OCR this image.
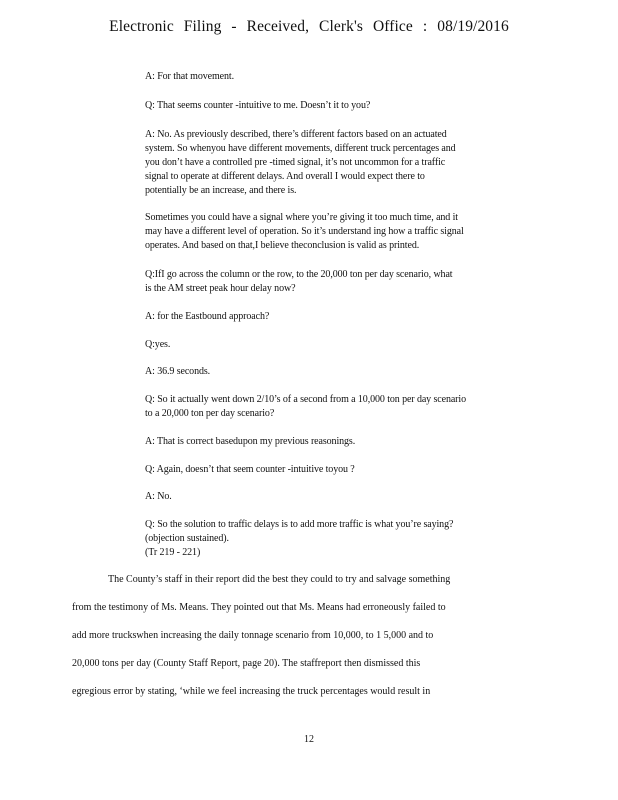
Electronic Filing - Received, Clerk's Office : 08/19/2016
A: For that movement.
Q: That seems counter -intuitive to me. Doesn’t it to you?
A: No. As previously described, there’s different factors based on an actuated
system. So whenyou have different movements, different truck percentages and
you don’t have a controlled pre -timed signal, it’s not uncommon for a traffic
signal to operate at different delays. And overall I would expect there to
potentially be an increase, and there is.
Sometimes you could have a signal where you’re giving it too much time, and it
may have a different level of operation. So it’s understand ing how a traffic signal
operates. And based on that,I believe theconclusion is valid as printed.
Q:IfI go across the column or the row, to the 20,000 ton per day scenario, what
is the AM street peak hour delay now?
A: for the Eastbound approach?
Q:yes.
A: 36.9 seconds.
Q: So it actually went down 2/10’s of a second from a 10,000 ton per day scenario
to a 20,000 ton per day scenario?
A: That is correct basedupon my previous reasonings.
Q: Again, doesn’t that seem counter -intuitive toyou ?
A: No.
Q: So the solution to traffic delays is to add more traffic is what you’re saying?
(objection sustained).
(Tr 219 - 221)
The County’s staff in their report did the best they could to try and salvage something
from the testimony of Ms. Means. They pointed out that Ms. Means had erroneously failed to
add more truckswhen increasing the daily tonnage scenario from 10,000, to 1 5,000 and to
20,000 tons per day (County Staff Report, page 20). The staffreport then dismissed this
egregious error by stating, ‘while we feel increasing the truck percentages would result in
12
